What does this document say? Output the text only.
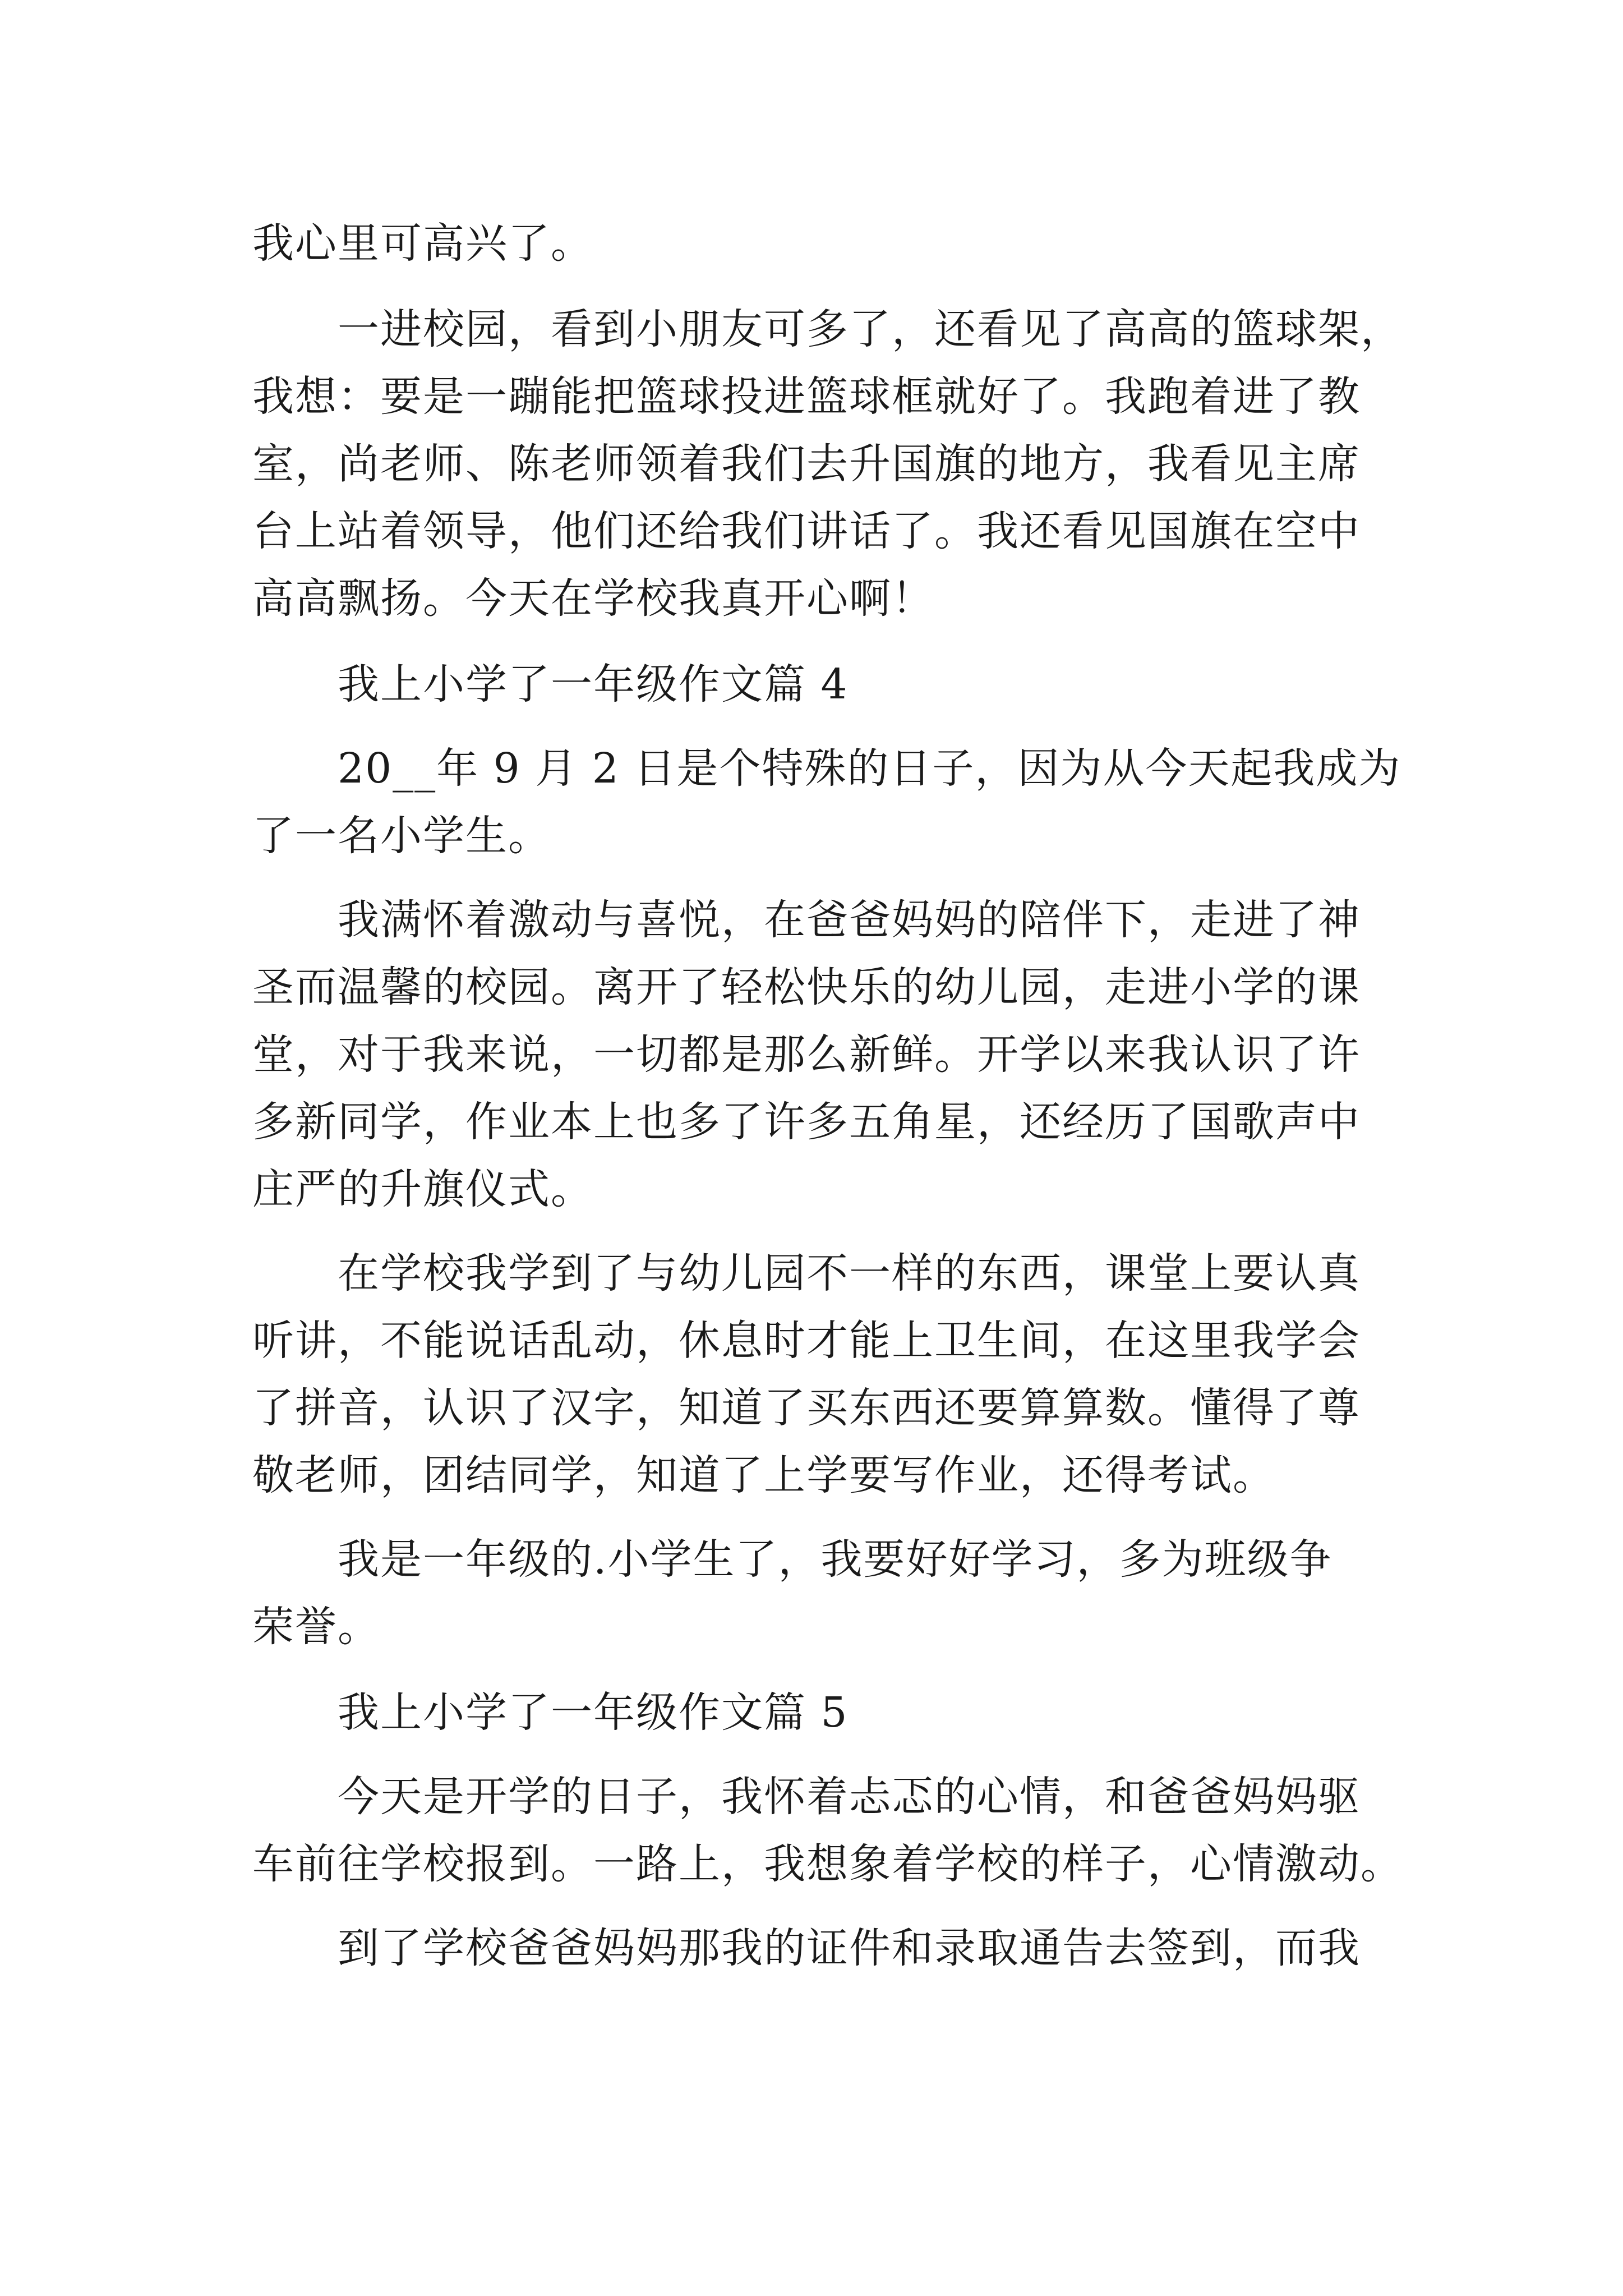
我心里可高兴了。
一进校园，看到小朋友可多了，还看见了高高的篮球架，
我想：要是一蹦能把篮球投进篮球框就好了。我跑着进了教
室，尚老师、陈老师领着我们去升国旗的地方，我看见主席
台上站着领导，他们还给我们讲话了。我还看见国旗在空中
高高飘扬。今天在学校我真开心啊！
我上小学了一年级作文篇 4
20__年 9 月 2 日是个特殊的日子，因为从今天起我成为
了一名小学生。
我满怀着激动与喜悦，在爸爸妈妈的陪伴下，走进了神
圣而温馨的校园。离开了轻松快乐的幼儿园，走进小学的课
堂，对于我来说，一切都是那么新鲜。开学以来我认识了许
多新同学，作业本上也多了许多五角星，还经历了国歌声中
庄严的升旗仪式。
在学校我学到了与幼儿园不一样的东西，课堂上要认真
听讲，不能说话乱动，休息时才能上卫生间，在这里我学会
了拼音，认识了汉字，知道了买东西还要算算数。懂得了尊
敬老师，团结同学，知道了上学要写作业，还得考试。
我是一年级的.小学生了，我要好好学习，多为班级争
荣誉。
我上小学了一年级作文篇 5
今天是开学的日子，我怀着忐忑的心情，和爸爸妈妈驱
车前往学校报到。一路上，我想象着学校的样子，心情激动。
到了学校爸爸妈妈那我的证件和录取通告去签到，而我
